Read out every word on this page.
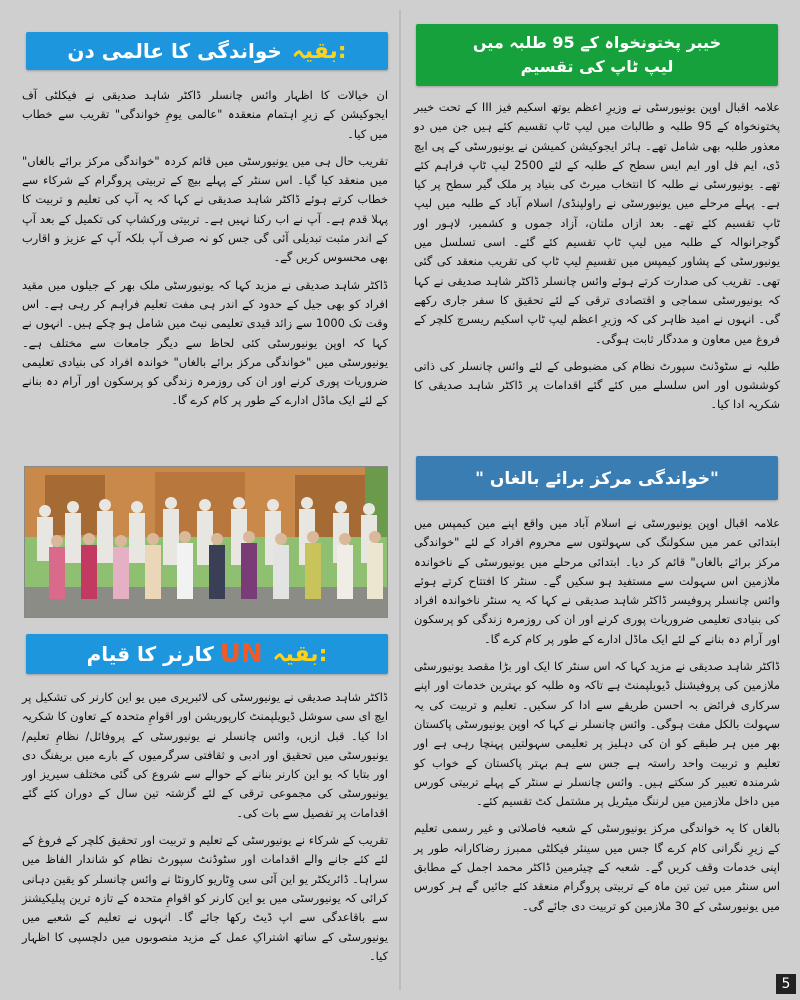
خواندگی کا عالمی دن بقیہ:

ان خیالات کا اظہار وائس چانسلر ڈاکٹر شاہد صدیقی نے فیکلٹی آف ایجوکیشن کے زیرِ اہتمام منعقدہ "عالمی یومِ خواندگی" تقریب سے خطاب میں کیا۔

تقریب حال ہی میں یونیورسٹی میں قائم کردہ "خواندگی مرکز برائے بالغاں" میں منعقد کیا گیا۔ اس سنٹر کے پہلے بیچ کے تربیتی پروگرام کے شرکاء سے خطاب کرتے ہوئے ڈاکٹر شاہد صدیقی نے کہا کہ یہ آپ کی تعلیم و تربیت کا پہلا قدم ہے۔ آپ نے اب رکنا نہیں ہے۔ تربیتی ورکشاپ کی تکمیل کے بعد آپ کے اندر مثبت تبدیلی آئی گی جس کو نہ صرف آپ بلکہ آپ کے عزیز و اقارب بھی محسوس کریں گے۔

ڈاکٹر شاہد صدیقی نے مزید کہا کہ یونیورسٹی ملک بھر کے جیلوں میں مقید افراد کو بھی جیل کے حدود کے اندر ہی مفت تعلیم فراہم کر رہی ہے۔ اس وقت تک 1000 سے زائد قیدی تعلیمی نیٹ میں شامل ہو چکے ہیں۔ انہوں نے کہا کہ اوپن یونیورسٹی کئی لحاظ سے دیگر جامعات سے مختلف ہے۔ یونیورسٹی میں "خواندگی مرکز برائے بالغاں" خواندہ افراد کی بنیادی تعلیمی ضروریات پوری کرنے اور ان کی روزمرہ زندگی کو پرسکون اور آرام دہ بنانے کے لئے ایک ماڈل ادارے کے طور پر کام کرے گا۔

کارنر کا قیام UN بقیہ:

ڈاکٹر شاہد صدیقی نے یونیورسٹی کی لائبریری میں یو این کارنر کی تشکیل پر ایچ ای سی سوشل ڈیویلپمنٹ کارپوریشن اور اقوامِ متحدہ کے تعاون کا شکریہ ادا کیا۔ قبل ازیں، وائس چانسلر نے یونیورسٹی کے پروفائل/ نظامِ تعلیم/ یونیورسٹی میں تحقیق اور ادبی و ثقافتی سرگرمیوں کے بارے میں بریفنگ دی اور بتایا کہ یو این کارنر بنانے کے حوالے سے شروع کی گئی مختلف سیریز اور یونیورسٹی کی مجموعی ترقی کے لئے گزشتہ تین سال کے دوران کئے گئے اقدامات پر تفصیل سے بات کی۔

تقریب کے شرکاء نے یونیورسٹی کے تعلیم و تربیت اور تحقیق کلچر کے فروغ کے لئے کئے جانے والے اقدامات اور سٹوڈنٹ سپورٹ نظام کو شاندار الفاظ میں سراہا۔ ڈائریکٹر یو این آئی سی وِٹاریو کارونٹا نے وائس چانسلر کو یقین دہانی کرائی کہ یونیورسٹی میں یو این کارنر کو اقوامِ متحدہ کے تازہ ترین پبلیکیشنز سے باقاعدگی سے اپ ڈیٹ رکھا جائے گا۔ انہوں نے تعلیم کے شعبے میں یونیورسٹی کے ساتھ اشتراکِ عمل کے مزید منصوبوں میں دلچسپی کا اظہار کیا۔

خیبر پختونخواہ کے 95 طلبہ میں
لیپ ٹاپ کی تقسیم

علامہ اقبال اوپن یونیورسٹی نے وزیرِ اعظم یوتھ اسکیم فیز III کے تحت خیبر پختونخواہ کے 95 طلبہ و طالبات میں لیپ ٹاپ تقسیم کئے ہیں جن میں دو معذور طلبہ بھی شامل تھے۔ ہائر ایجوکیشن کمیشن نے یونیورسٹی کے پی ایچ ڈی، ایم فل اور ایم ایس سطح کے طلبہ کے لئے 2500 لیپ ٹاپ فراہم کئے تھے۔ یونیورسٹی نے طلبہ کا انتخاب میرٹ کی بنیاد پر ملک گیر سطح پر کیا ہے۔ پہلے مرحلے میں یونیورسٹی نے راولپنڈی/ اسلام آباد کے طلبہ میں لیپ ٹاپ تقسیم کئے تھے۔ بعد ازاں ملتان، آزاد جموں و کشمیر، لاہور اور گوجرانوالہ کے طلبہ میں لیپ ٹاپ تقسیم کئے گئے۔ اسی تسلسل میں یونیورسٹی کے پشاور کیمپس میں تقسیمِ لیپ ٹاپ کی تقریب منعقد کی گئی تھی۔ تقریب کی صدارت کرتے ہوئے وائس چانسلر ڈاکٹر شاہد صدیقی نے کہا کہ یونیورسٹی سماجی و اقتصادی ترقی کے لئے تحقیق کا سفر جاری رکھے گی۔ انہوں نے امید ظاہر کی کہ وزیرِ اعظم لیپ ٹاپ اسکیم ریسرچ کلچر کے فروغ میں معاون و مددگار ثابت ہوگی۔

طلبہ نے سٹوڈنٹ سپورٹ نظام کی مضبوطی کے لئے وائس چانسلر کی ذاتی کوششوں اور اس سلسلے میں کئے گئے اقدامات پر ڈاکٹر شاہد صدیقی کا شکریہ ادا کیا۔

" خواندگی مرکز برائے بالغاں"

علامہ اقبال اوپن یونیورسٹی نے اسلام آباد میں واقع اپنے مین کیمپس میں ابتدائی عمر میں سکولنگ کی سہولتوں سے محروم افراد کے لئے "خواندگی مرکز برائے بالغاں" قائم کر دیا۔ ابتدائی مرحلے میں یونیورسٹی کے ناخواندہ ملازمین اس سہولت سے مستفید ہو سکیں گے۔ سنٹر کا افتتاح کرتے ہوئے وائس چانسلر پروفیسر ڈاکٹر شاہد صدیقی نے کہا کہ یہ سنٹر ناخواندہ افراد کی بنیادی تعلیمی ضروریات پوری کرنے اور ان کی روزمرہ زندگی کو پرسکون اور آرام دہ بنانے کے لئے ایک ماڈل ادارے کے طور پر کام کرے گا۔

ڈاکٹر شاہد صدیقی نے مزید کہا کہ اس سنٹر کا ایک اور بڑا مقصد یونیورسٹی ملازمین کی پروفیشنل ڈیویلپمنٹ ہے تاکہ وہ طلبہ کو بہترین خدمات اور اپنے سرکاری فرائض بہ احسن طریقے سے ادا کر سکیں۔ تعلیم و تربیت کی یہ سہولت بالکل مفت ہوگی۔ وائس چانسلر نے کہا کہ اوپن یونیورسٹی پاکستان بھر میں ہر طبقے کو ان کی دہلیز پر تعلیمی سہولتیں پہنچا رہی ہے اور تعلیم و تربیت واحد راستہ ہے جس سے ہم بہتر پاکستان کے خواب کو شرمندہ تعبیر کر سکتے ہیں۔ وائس چانسلر نے سنٹر کے پہلے تربیتی کورس میں داخل ملازمین میں لرننگ میٹریل پر مشتمل کٹ تقسیم کئے۔

بالغاں کا یہ خواندگی مرکز یونیورسٹی کے شعبہ فاصلاتی و غیر رسمی تعلیم کے زیرِ نگرانی کام کرے گا جس میں سینئر فیکلٹی ممبرز رضاکارانہ طور پر اپنی خدمات وقف کریں گے۔ شعبہ کے چیئرمین ڈاکٹر محمد اجمل کے مطابق اس سنٹر میں تین تین ماہ کے تربیتی پروگرام منعقد کئے جائیں گے ہر کورس میں یونیورسٹی کے 30 ملازمین کو تربیت دی جائے گی۔

5
